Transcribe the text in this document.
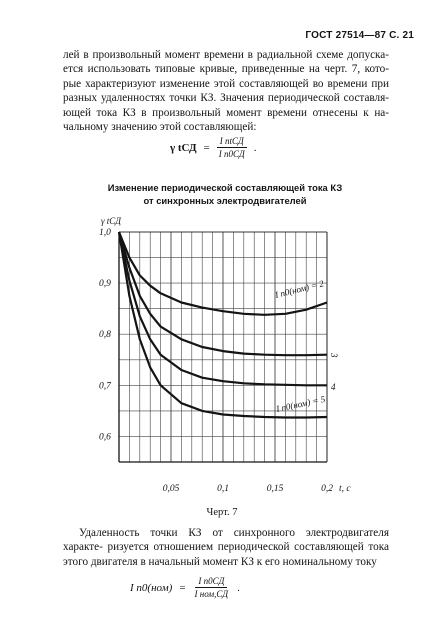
ГОСТ 27514—87 С. 21

лей в произвольный момент времени в радиальной схеме допуска- ется использовать типовые кривые, приведенные на черт. 7, кото- рые характеризуют изменение этой составляющей во времени при разных удаленностях точки КЗ. Значения периодической составля- ющей тока КЗ в произвольный момент времени отнесены к на- чальному значению этой составляющей:

γ tСД = $\frac{\text{I пtСД}}{\text{I п0СД}}$ .

Изменение периодической составляющей тока КЗ
от синхронных электродвигателей

1,0
0,9
0,8
0,7
0,6
0,05	0,1	0,15	0,2
γ tСД
t, c
I п0(ном) = 2
3
4
I п0(ном) = 5
Черт. 7

Удаленность точки КЗ от синхронного электродвигателя характе- ризуется отношением периодической составляющей тока этого двигателя в начальный момент КЗ к его номинальному току

I $п0(ном) = \frac{\text{I п0СД}}{\text{I ном,СД}}$ .
